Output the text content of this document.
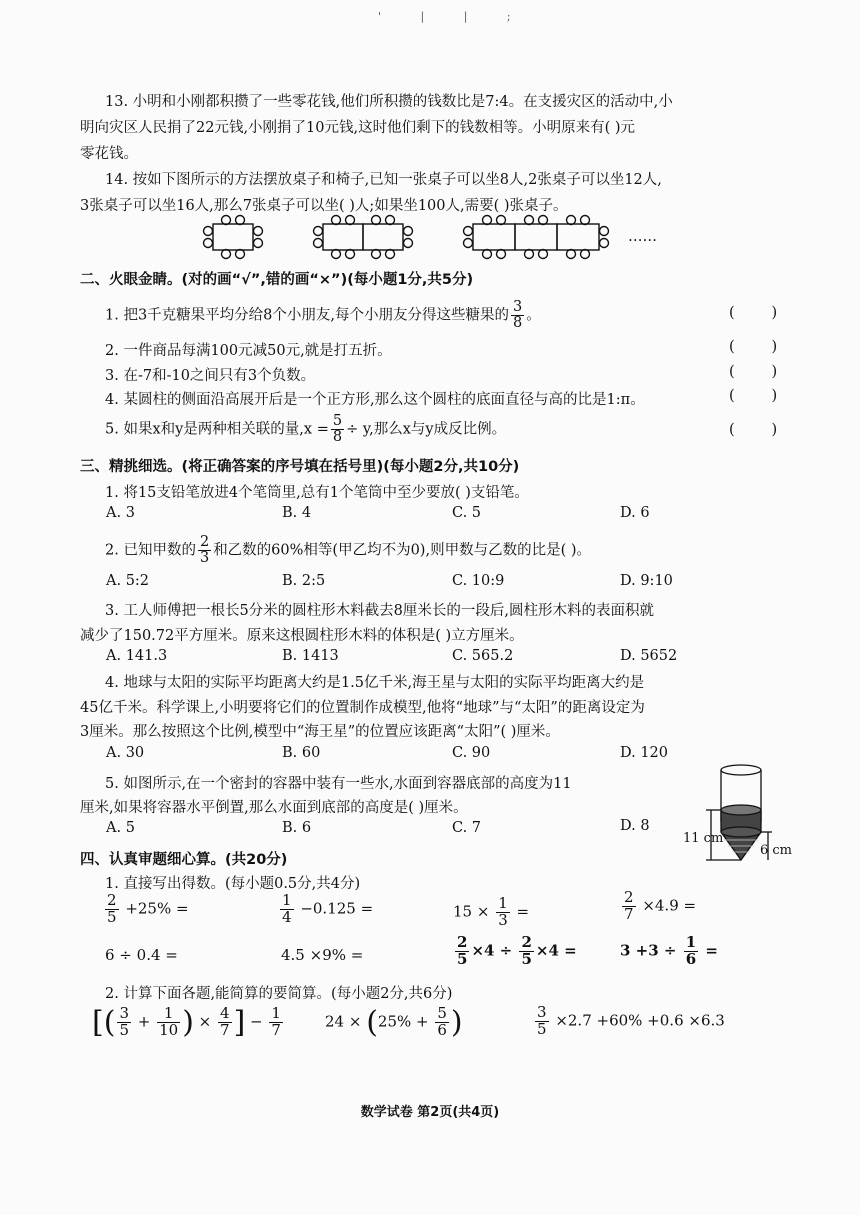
' | | ;
13. 小明和小刚都积攒了一些零花钱,他们所积攒的钱数比是7:4。在支援灾区的活动中,小
明向灾区人民捐了22元钱,小刚捐了10元钱,这时他们剩下的钱数相等。小明原来有( )元
零花钱。
14. 按如下图所示的方法摆放桌子和椅子,已知一张桌子可以坐8人,2张桌子可以坐12人,
3张桌子可以坐16人,那么7张桌子可以坐( )人;如果坐100人,需要( )张桌子。
……
二、火眼金睛。(对的画“√”,错的画“×”)(每小题1分,共5分)
1. 把3千克糖果平均分给8个小朋友,每个小朋友分得这些糖果的 $\frac{3}{8}$ 。	(        )
2. 一件商品每满100元减50元,就是打五折。	(        )
3. 在-7和-10之间只有3个负数。	(        )
4. 某圆柱的侧面沿高展开后是一个正方形,那么这个圆柱的底面直径与高的比是1:π。	(        )
5. 如果x和y是两种相关联的量$,x = \frac{5}{8} \div y$,那么x与y成反比例。	(        )
三、精挑细选。(将正确答案的序号填在括号里)(每小题2分,共10分)
1. 将15支铅笔放进4个笔筒里,总有1个笔筒中至少要放( )支铅笔。
A. 3	B. 4	C. 5	D. 6
2. 已知甲数的 $\frac{2}{3}$ 和乙数的60%相等(甲乙均不为0),则甲数与乙数的比是( )。
A. 5:2	B. 2:5	C. 10:9	D. 9:10
3. 工人师傅把一根长5分米的圆柱形木料截去8厘米长的一段后,圆柱形木料的表面积就
减少了150.72平方厘米。原来这根圆柱形木料的体积是( )立方厘米。
A. 141.3	B. 1413	C. 565.2	D. 5652
4. 地球与太阳的实际平均距离大约是1.5亿千米,海王星与太阳的实际平均距离大约是
45亿千米。科学课上,小明要将它们的位置制作成模型,他将“地球”与“太阳”的距离设定为
3厘米。那么按照这个比例,模型中“海王星”的位置应该距离“太阳”( )厘米。
A. 30	B. 60	C. 90	D. 120
5. 如图所示,在一个密封的容器中装有一些水,水面到容器底部的高度为11
厘米,如果将容器水平倒置,那么水面到底部的高度是( )厘米。
A. 5	B. 6	C. 7	D. 8
11 cm
6 cm
四、认真审题细心算。(共20分)
1. 直接写出得数。(每小题0.5分,共4分)
$\frac{2}{5} +25\%$ =	$\frac{1}{4} -0.125$ =	$15 \times \frac{1}{3}$ =	$\frac{2}{7} \times 4.9$ =
6 ÷ 0.4 =	4.5 ×9% =	$\frac{2}{5} \times 4 \div \frac{2}{5} \times 4$ =	$3 +3 \div \frac{1}{6}$ =
2. 计算下面各题,能简算的要简算。(每小题2分,共6分)
[( $\frac{3}{5} + \frac{1}{10}$ ) × $\frac{4}{7}$ ] − $\frac{1}{7}$	$24 \times (25\% + \frac{5}{6}$ )	$\frac{3}{5} \times 2.7 +60\% +0.6 \times 6.3$
数学试卷 第2页(共4页)
